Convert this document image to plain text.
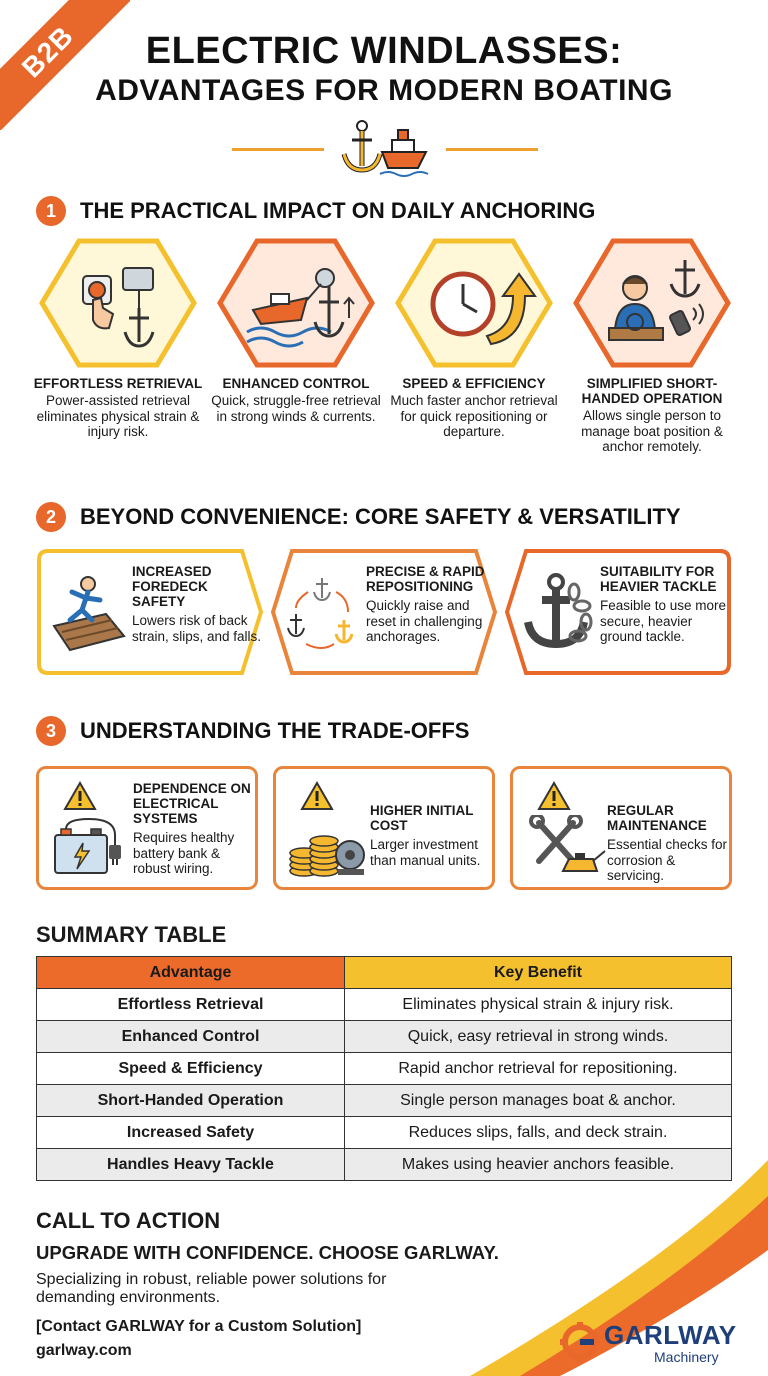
B2B	ELECTRIC WINDLASSES:
ADVANTAGES FOR MODERN BOATING
1	THE PRACTICAL IMPACT ON DAILY ANCHORING
EFFORTLESS RETRIEVAL
Power-assisted retrieval eliminates physical strain & injury risk.
ENHANCED CONTROL
Quick, struggle-free retrieval in strong winds & currents.
SPEED & EFFICIENCY
Much faster anchor retrieval for quick repositioning or departure.
SIMPLIFIED SHORT-HANDED OPERATION
Allows single person to manage boat position & anchor remotely.
2	BEYOND CONVENIENCE: CORE SAFETY & VERSATILITY
INCREASED FOREDECK SAFETY
Lowers risk of back strain, slips, and falls.
PRECISE & RAPID REPOSITIONING
Quickly raise and reset in challenging anchorages.
SUITABILITY FOR HEAVIER TACKLE
Feasible to use more secure, heavier ground tackle.
3	UNDERSTANDING THE TRADE-OFFS
DEPENDENCE ON ELECTRICAL SYSTEMS
Requires healthy battery bank & robust wiring.
HIGHER INITIAL COST
Larger investment than manual units.
REGULAR MAINTENANCE
Essential checks for corrosion & servicing.
SUMMARY TABLE
Advantage	Key Benefit
Effortless Retrieval	Eliminates physical strain & injury risk.
Enhanced Control	Quick, easy retrieval in strong winds.
Speed & Efficiency	Rapid anchor retrieval for repositioning.
Short-Handed Operation	Single person manages boat & anchor.
Increased Safety	Reduces slips, falls, and deck strain.
Handles Heavy Tackle	Makes using heavier anchors feasible.
CALL TO ACTION
UPGRADE WITH CONFIDENCE. CHOOSE GARLWAY.
Specializing in robust, reliable power solutions for demanding environments.
[Contact GARLWAY for a Custom Solution]
garlway.com
GARLWAY
Machinery
